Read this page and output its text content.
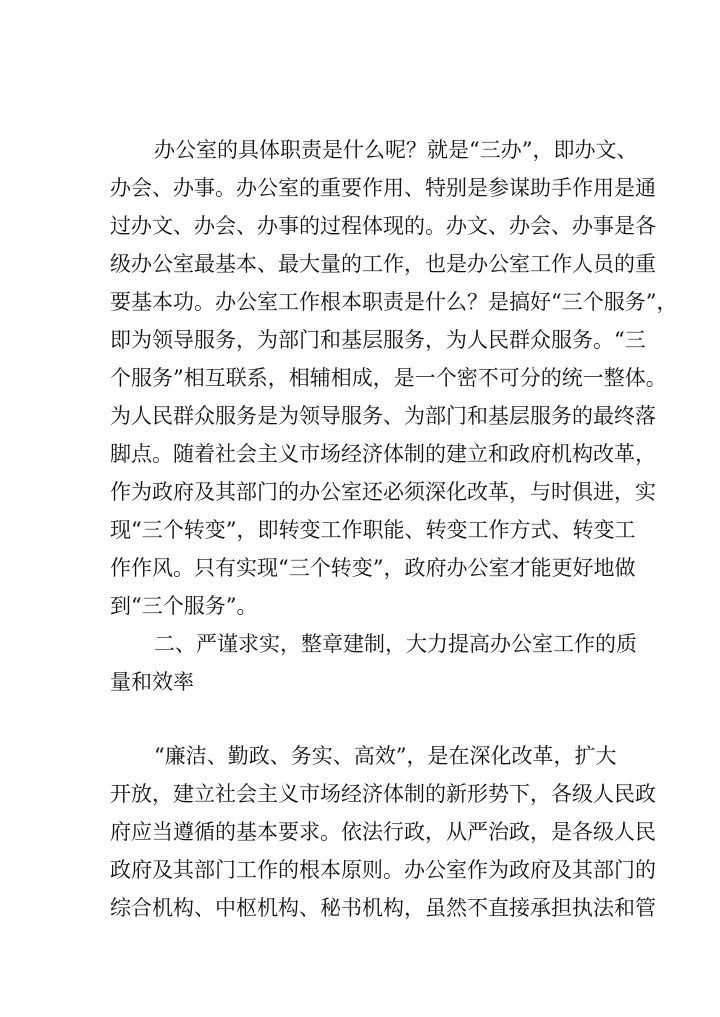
办公室的具体职责是什么呢？就是“三办”，即办文、
办会、办事。办公室的重要作用、特别是参谋助手作用是通
过办文、办会、办事的过程体现的。办文、办会、办事是各
级办公室最基本、最大量的工作，也是办公室工作人员的重
要基本功。办公室工作根本职责是什么？是搞好“三个服务”，
即为领导服务，为部门和基层服务，为人民群众服务。“三
个服务”相互联系，相辅相成，是一个密不可分的统一整体。
为人民群众服务是为领导服务、为部门和基层服务的最终落
脚点。随着社会主义市场经济体制的建立和政府机构改革，
作为政府及其部门的办公室还必须深化改革，与时俱进，实
现“三个转变”，即转变工作职能、转变工作方式、转变工
作作风。只有实现“三个转变”，政府办公室才能更好地做
到“三个服务”。
二、严谨求实，整章建制，大力提高办公室工作的质
量和效率
“廉洁、勤政、务实、高效”，是在深化改革，扩大
开放，建立社会主义市场经济体制的新形势下，各级人民政
府应当遵循的基本要求。依法行政，从严治政，是各级人民
政府及其部门工作的根本原则。办公室作为政府及其部门的
综合机构、中枢机构、秘书机构，虽然不直接承担执法和管
